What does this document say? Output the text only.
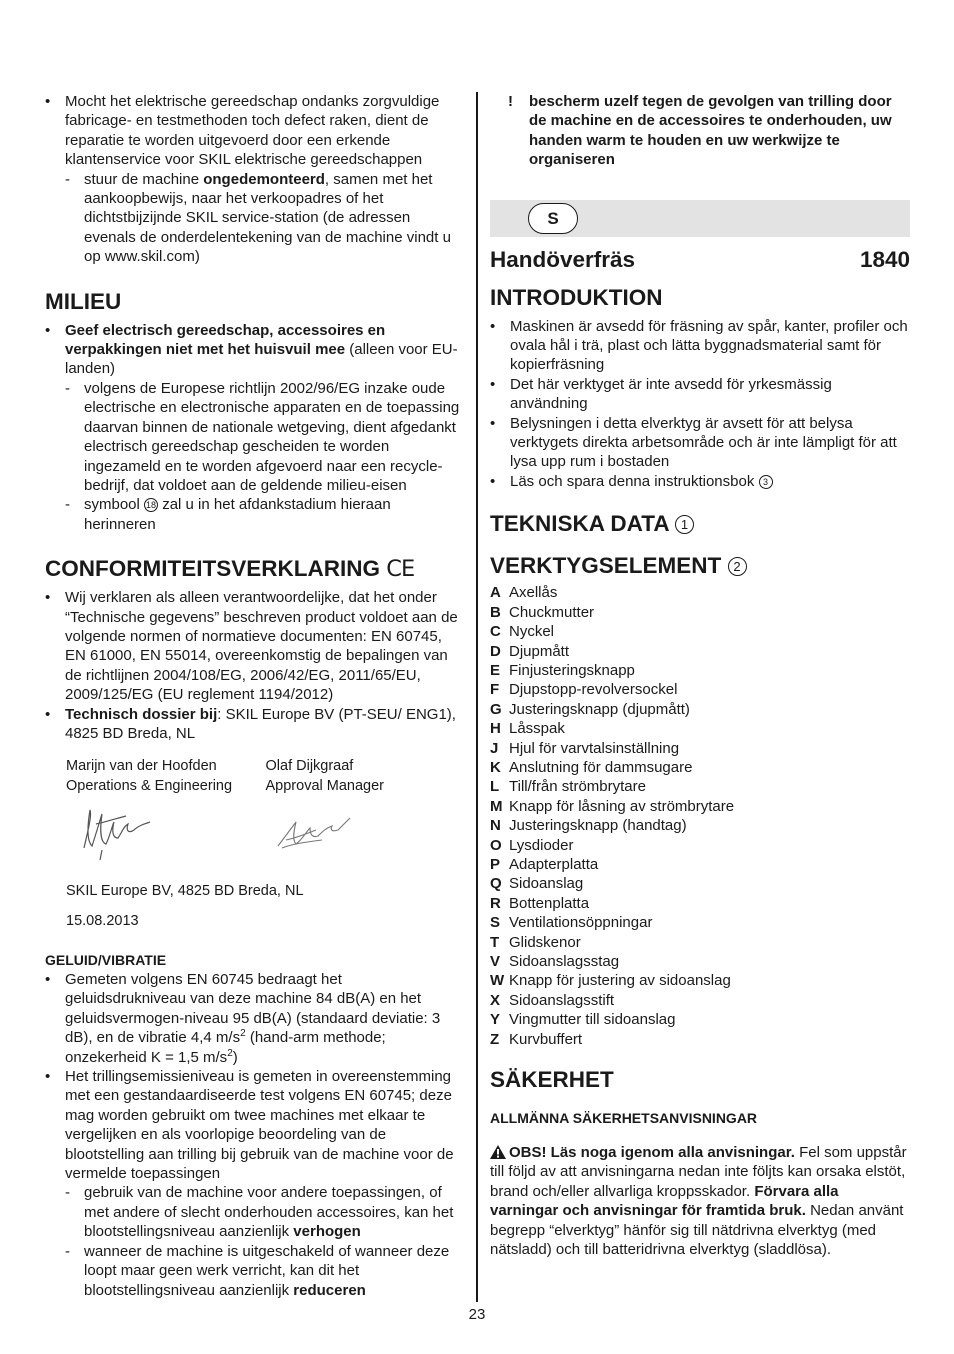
• Mocht het elektrische gereedschap ondanks zorgvuldige fabricage- en testmethoden toch defect raken, dient de reparatie te worden uitgevoerd door een erkende klantenservice voor SKIL elektrische gereedschappen

- stuur de machine ongedemonteerd, samen met het aankoopbewijs, naar het verkoopadres of het dichtstbijzijnde SKIL service-station (de adressen evenals de onderdelentekening van de machine vindt u op www.skil.com)

MILIEU

• Geef electrisch gereedschap, accessoires en verpakkingen niet met het huisvuil mee (alleen voor EU-landen)

- volgens de Europese richtlijn 2002/96/EG inzake oude electrische en electronische apparaten en de toepassing daarvan binnen de nationale wetgeving, dient afgedankt electrisch gereedschap gescheiden te worden ingezameld en te worden afgevoerd naar een recycle-bedrijf, dat voldoet aan de geldende milieu-eisen

- symbool 18 zal u in het afdankstadium hieraan herinneren

CONFORMITEITSVERKLARING CE

• Wij verklaren als alleen verantwoordelijke, dat het onder “Technische gegevens” beschreven product voldoet aan de volgende normen of normatieve documenten: EN 60745, EN 61000, EN 55014, overeenkomstig de bepalingen van de richtlijnen 2004/108/EG, 2006/42/EG, 2011/65/EU, 2009/125/EG (EU reglement 1194/2012)

• Technisch dossier bij: SKIL Europe BV (PT-SEU/ ENG1), 4825 BD Breda, NL

Marijn van der Hoofden

Operations & Engineering

Olaf Dijkgraaf

Approval Manager

SKIL Europe BV, 4825 BD Breda, NL

15.08.2013

GELUID/VIBRATIE

• Gemeten volgens EN 60745 bedraagt het geluidsdrukniveau van deze machine 84 dB(A) en het geluidsvermogen-niveau 95 dB(A) (standaard deviatie: 3 dB), en de vibratie 4,4 $m/s^2$ (hand-arm methode; onzekerheid K = 1,5 $m/s^2$)

• Het trillingsemissieniveau is gemeten in overeenstemming met een gestandaardiseerde test volgens EN 60745; deze mag worden gebruikt om twee machines met elkaar te vergelijken en als voorlopige beoordeling van de blootstelling aan trilling bij gebruik van de machine voor de vermelde toepassingen

- gebruik van de machine voor andere toepassingen, of met andere of slecht onderhouden accessoires, kan het blootstellingsniveau aanzienlijk verhogen

- wanneer de machine is uitgeschakeld of wanneer deze loopt maar geen werk verricht, kan dit het blootstellingsniveau aanzienlijk reduceren

!	bescherm uzelf tegen de gevolgen van trilling door de machine en de accessoires te onderhouden, uw handen warm te houden en uw werkwijze te organiseren

S
Handöverfräs	1840

INTRODUKTION

• Maskinen är avsedd för fräsning av spår, kanter, profiler och ovala hål i trä, plast och lätta byggnadsmaterial samt för kopierfräsning

• Det här verktyget är inte avsedd för yrkesmässig användning

• Belysningen i detta elverktyg är avsett för att belysa verktygets direkta arbetsområde och är inte lämpligt för att lysa upp rum i bostaden

• Läs och spara denna instruktionsbok 3

TEKNISKA DATA 1

VERKTYGSELEMENT 2

A Axellås
B Chuckmutter
C Nyckel
D Djupmått
E Finjusteringsknapp
F Djupstopp-revolversockel
G Justeringsknapp (djupmått)
H Låsspak
J Hjul för varvtalsinställning
K Anslutning för dammsugare
L Till/från strömbrytare
M Knapp för låsning av strömbrytare
N Justeringsknapp (handtag)
O Lysdioder
P Adapterplatta
Q Sidoanslag
R Bottenplatta
S Ventilationsöppningar
T Glidskenor
V Sidoanslagsstag
W Knapp för justering av sidoanslag
X Sidoanslagsstift
Y Vingmutter till sidoanslag
Z Kurvbuffert

SÄKERHET

ALLMÄNNA SÄKERHETSANVISNINGAR

OBS! Läs noga igenom alla anvisningar. Fel som uppstår till följd av att anvisningarna nedan inte följts kan orsaka elstöt, brand och/eller allvarliga kroppsskador. Förvara alla varningar och anvisningar för framtida bruk. Nedan använt begrepp “elverktyg” hänför sig till nätdrivna elverktyg (med nätsladd) och till batteridrivna elverktyg (sladdlösa).

23
